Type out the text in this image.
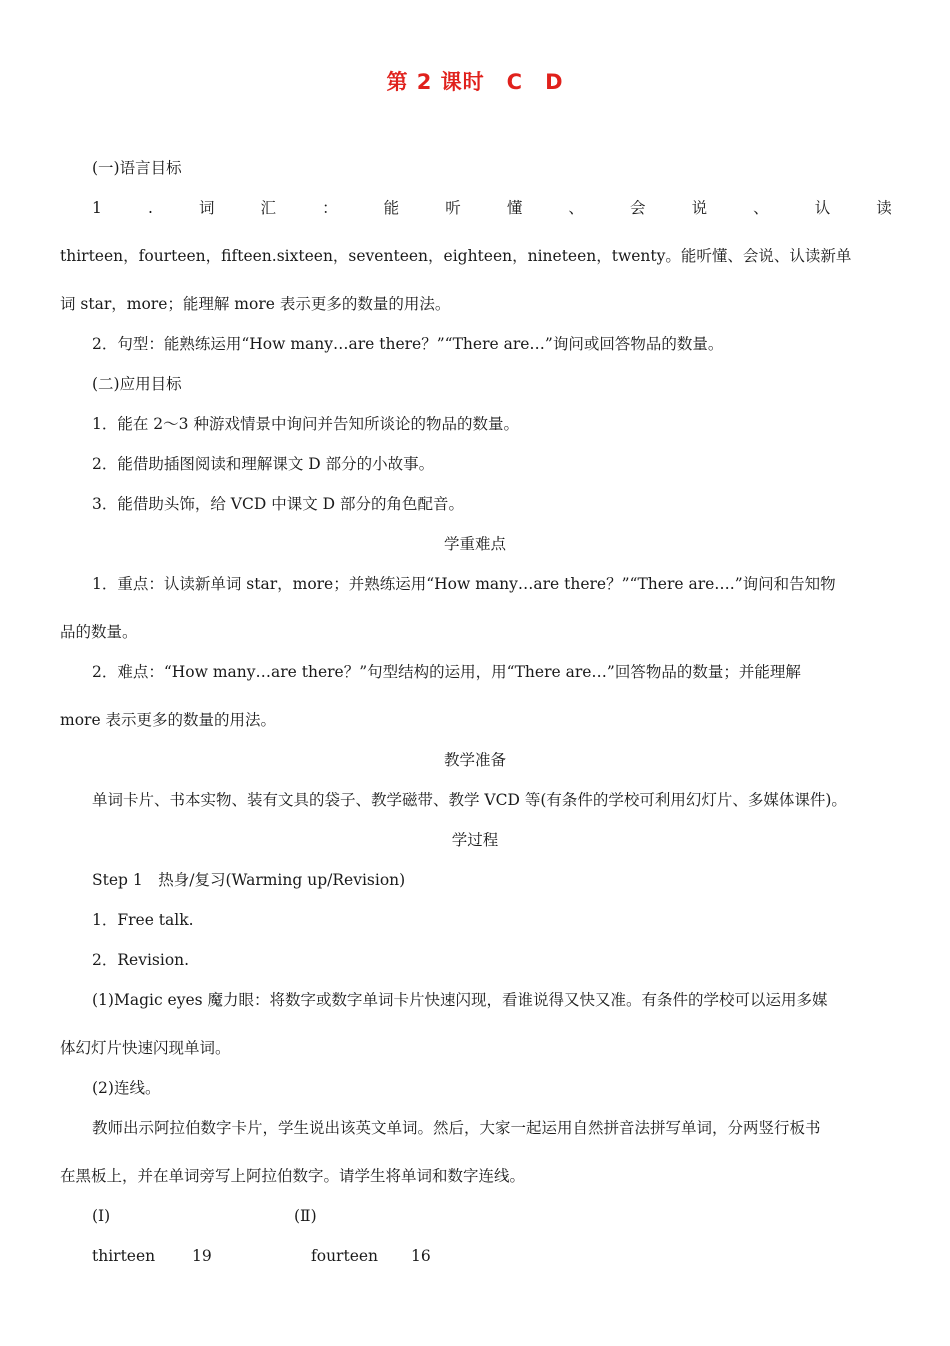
第 2 课时　C　D
(一)语言目标
1	.	词	汇	：	能	听	懂	、	会	说	、	认	读
thirteen，fourteen，fifteen.sixteen，seventeen，eighteen，nineteen，twenty。能听懂、会说、认读新单
词 star，more；能理解 more 表示更多的数量的用法。
2．句型：能熟练运用“How many…are there？”“There are…”询问或回答物品的数量。
(二)应用目标
1．能在 2～3 种游戏情景中询问并告知所谈论的物品的数量。
2．能借助插图阅读和理解课文 D 部分的小故事。
3．能借助头饰，给 VCD 中课文 D 部分的角色配音。
学重难点
1．重点：认读新单词 star，more；并熟练运用“How many…are there？”“There are….”询问和告知物
品的数量。
2．难点：“How many…are there？”句型结构的运用，用“There are…”回答物品的数量；并能理解
more 表示更多的数量的用法。
教学准备
单词卡片、书本实物、装有文具的袋子、教学磁带、教学 VCD 等(有条件的学校可利用幻灯片、多媒体课件)。
学过程
Step 1　热身/复习(Warming up/Revision)
1．Free talk.
2．Revision.
(1)Magic eyes 魔力眼：将数字或数字单词卡片快速闪现，看谁说得又快又准。有条件的学校可以运用多媒
体幻灯片快速闪现单词。
(2)连线。
教师出示阿拉伯数字卡片，学生说出该英文单词。然后，大家一起运用自然拼音法拼写单词，分两竖行板书
在黑板上，并在单词旁写上阿拉伯数字。请学生将单词和数字连线。
(Ⅰ)	(Ⅱ)
thirteen 19	fourteen 16
